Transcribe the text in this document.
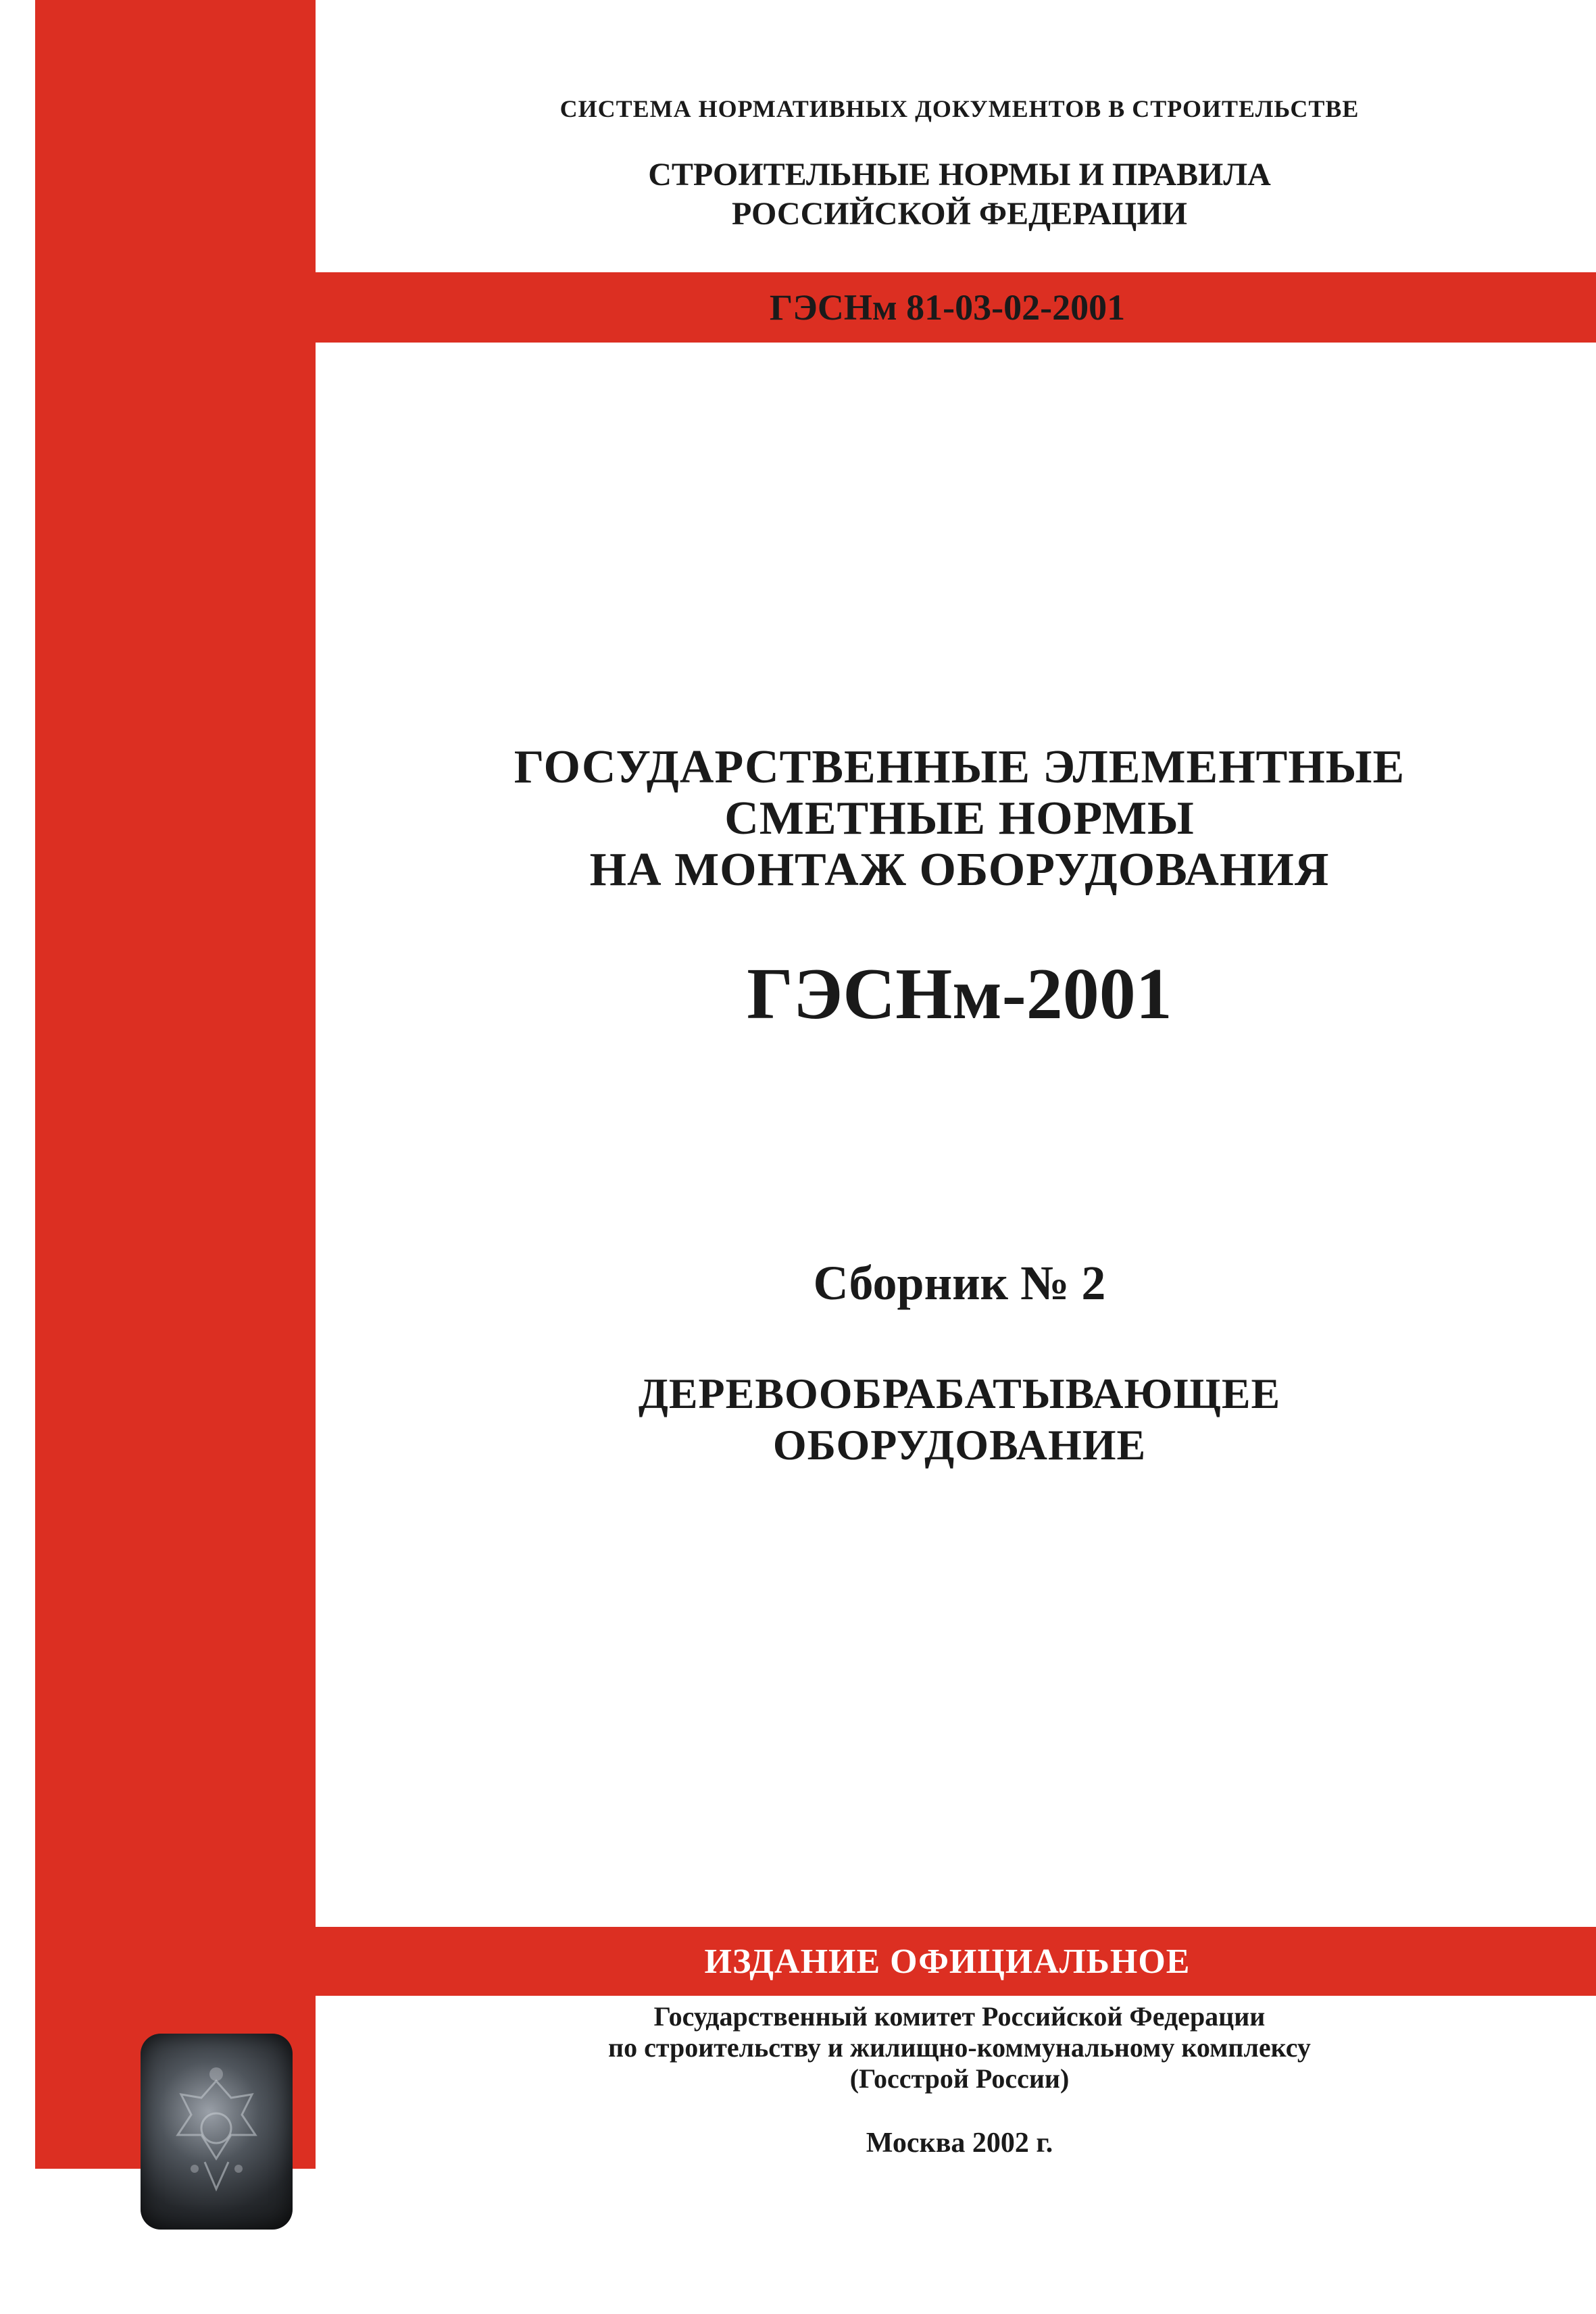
СИСТЕМА НОРМАТИВНЫХ ДОКУМЕНТОВ В СТРОИТЕЛЬСТВЕ
СТРОИТЕЛЬНЫЕ НОРМЫ И ПРАВИЛА
РОССИЙСКОЙ ФЕДЕРАЦИИ
ГЭСНм 81-03-02-2001
ГОСУДАРСТВЕННЫЕ ЭЛЕМЕНТНЫЕ
СМЕТНЫЕ НОРМЫ
НА МОНТАЖ ОБОРУДОВАНИЯ
ГЭСНм-2001
Сборник № 2
ДЕРЕВООБРАБАТЫВАЮЩЕЕ
ОБОРУДОВАНИЕ
ИЗДАНИЕ ОФИЦИАЛЬНОЕ
Государственный комитет Российской Федерации
по строительству и жилищно-коммунальному комплексу
(Госстрой России)
Москва 2002 г.
